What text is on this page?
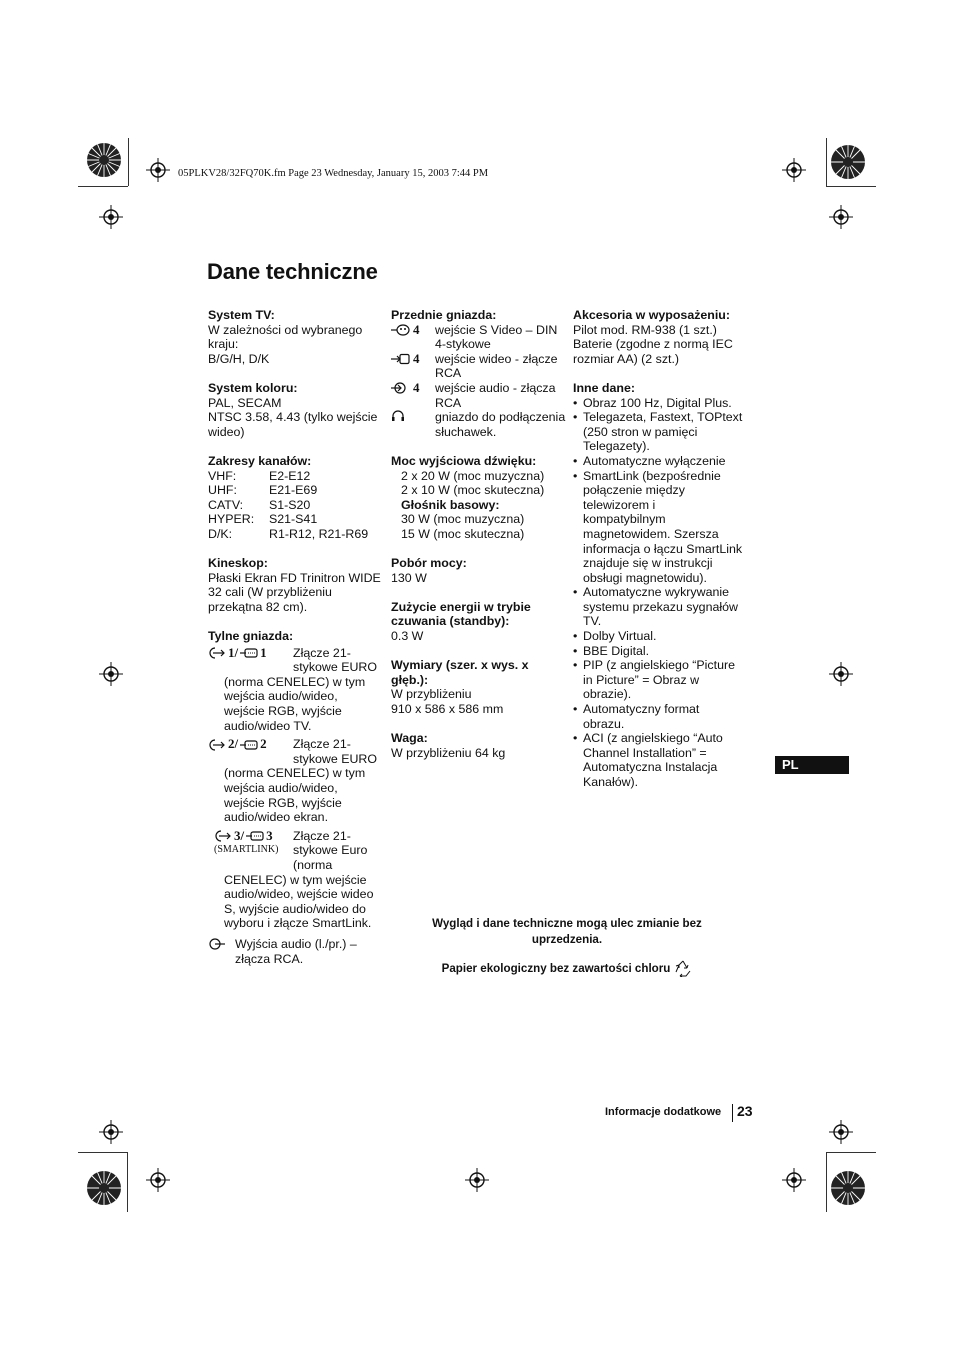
05PLKV28/32FQ70K.fm Page 23 Wednesday, January 15, 2003 7:44 PM
Dane techniczne
System TV:
W zależności od wybranego
kraju:
B/G/H, D/K
System koloru:
PAL, SECAM
NTSC 3.58, 4.43 (tylko wejście
wideo)
Zakresy kanałów:
VHF:	E2-E12
UHF:	E21-E69
CATV:	S1-S20
HYPER:	S21-S41
D/K:	R1-R12, R21-R69
Kineskop:
Płaski Ekran FD Trinitron WIDE
32 cali (W przybliżeniu
przekątna 82 cm).
Tylne gniazda:
1/ 1 Złącze 21-
stykowe EURO
(norma CENELEC) w tym
wejścia audio/wideo,
wejście RGB, wyjście
audio/wideo TV.
2/ 2 Złącze 21-
stykowe EURO
(norma CENELEC) w tym
wejścia audio/wideo,
wejście RGB, wyjście
audio/wideo ekran.
3/ 3
(SMARTLINK)
Złącze 21-
stykowe Euro
(norma
CENELEC) w tym wejście
audio/wideo, wejście wideo
S, wyjście audio/wideo do
wyboru i złącze SmartLink.
Wyjścia audio (l./pr.) –
złącza RCA.
Przednie gniazda:
4 wejście S Video – DIN
4-stykowe
4 wejście wideo - złącze
RCA
4 wejście audio - złącza
RCA
gniazdo do podłączenia
słuchawek.
Moc wyjściowa dźwięku:
2 x 20 W (moc muzyczna)
2 x 10 W (moc skuteczna)
Głośnik basowy:
30 W (moc muzyczna)
15 W (moc skuteczna)
Pobór mocy:
130 W
Zużycie energii w trybie
czuwania (standby):
0.3 W
Wymiary (szer. x wys. x
głęb.):
W przybliżeniu
910 x 586 x 586 mm
Waga:
W przybliżeniu 64 kg
Akcesoria w wyposażeniu:
Pilot mod. RM-938 (1 szt.)
Baterie (zgodne z normą IEC
rozmiar AA) (2 szt.)
Inne dane:
• Obraz 100 Hz, Digital Plus.
• Telegazeta, Fastext, TOPtext
(250 stron w pamięci
Telegazety).
• Automatyczne wyłączenie
• SmartLink (bezpośrednie
połączenie między
telewizorem i
kompatybilnym
magnetowidem. Szersza
informacja o łączu SmartLink
znajduje się w instrukcji
obsługi magnetowidu).
• Automatyczne wykrywanie
systemu przekazu sygnałów
TV.
• Dolby Virtual.
• BBE Digital.
• PIP (z angielskiego “Picture
in Picture” = Obraz w
obrazie).
• Automatyczny format
obrazu.
• ACI (z angielskiego “Auto
Channel Installation” =
Automatyczna Instalacja
Kanałów).
PL
Wygląd i dane techniczne mogą ulec zmianie bez
uprzedzenia.
Papier ekologiczny bez zawartości chloru
Informacje dodatkowe 23
